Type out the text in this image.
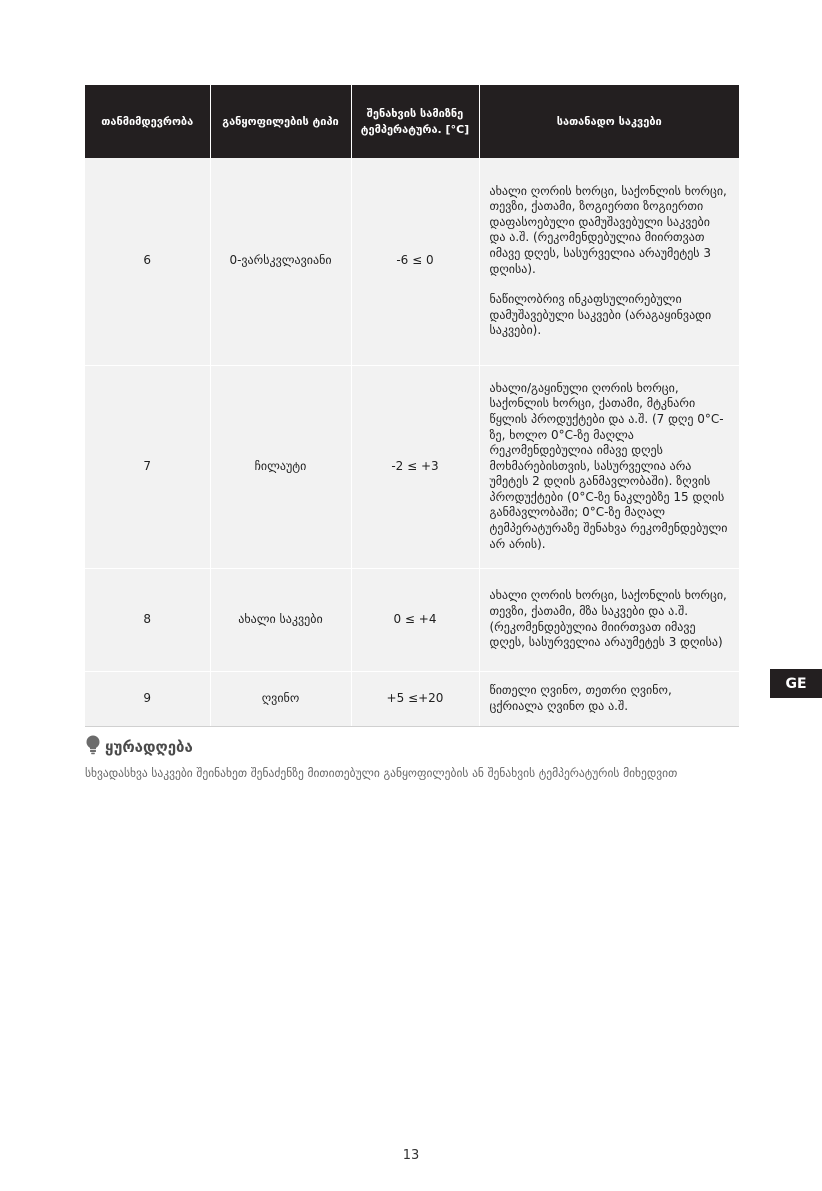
თანმიმდევრობა	განყოფილების ტიპი	შენახვის სამიზნე ტემპერატურა. [°C]	სათანადო საკვები
6	0-ვარსკვლავიანი	-6 ≤ 0	ახალი ღორის ხორცი, საქონლის ხორცი, თევზი, ქათამი, ზოგიერთი ზოგიერთი დაფასოებული დამუშავებული საკვები და ა.შ. (რეკომენდებულია მიირთვათ იმავე დღეს, სასურველია არაუმეტეს 3 დღისა).
ნაწილობრივ ინკაფსულირებული დამუშავებული საკვები (არაგაყინვადი საკვები).

7	ჩილაუტი	-2 ≤ +3	ახალი/გაყინული ღორის ხორცი, საქონლის ხორცი, ქათამი, მტკნარი წყლის პროდუქტები და ა.შ. (7 დღე 0°C-ზე, ხოლო 0°C-ზე მაღლა რეკომენდებულია იმავე დღეს მოხმარებისთვის, სასურველია არა უმეტეს 2 დღის განმავლობაში). ზღვის პროდუქტები (0°C-ზე ნაკლებზე 15 დღის განმავლობაში; 0°C-ზე მაღალ ტემპერატურაზე შენახვა რეკომენდებული არ არის).

8	ახალი საკვები	0 ≤ +4	ახალი ღორის ხორცი, საქონლის ხორცი, თევზი, ქათამი, მზა საკვები და ა.შ. (რეკომენდებულია მიირთვათ იმავე დღეს, სასურველია არაუმეტეს 3 დღისა)

9	ღვინო	+5 ≤+20	წითელი ღვინო, თეთრი ღვინო, ცქრიალა ღვინო და ა.შ.
GE
ყურადღება
სხვადასხვა საკვები შეინახეთ შენაძენზე მითითებული განყოფილების ან შენახვის ტემპერატურის მიხედვით
13
